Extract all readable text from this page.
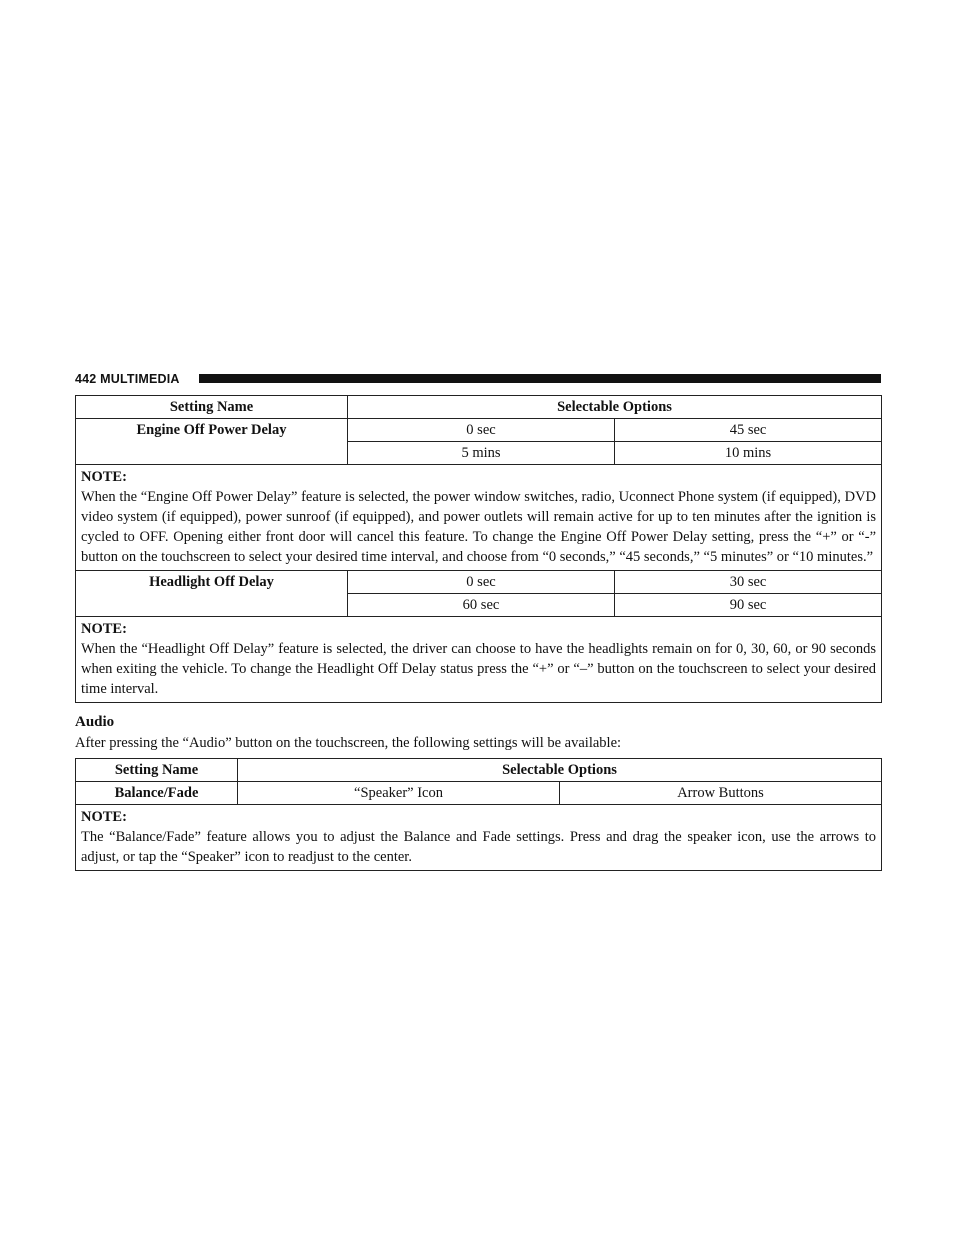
442 MULTIMEDIA
Setting Name	Selectable Options	
Engine Off Power Delay	0 sec	45 sec
	5 mins	10 mins

NOTE:
When the “Engine Off Power Delay” feature is selected, the power window switches, radio, Uconnect Phone system (if equipped), DVD video system (if equipped), power sunroof (if equipped), and power outlets will remain active for up to ten minutes after the ignition is cycled to OFF. Opening either front door will cancel this feature. To change the Engine Off Power Delay setting, press the “+” or “-” button on the touchscreen to select your desired time interval, and choose from “0 seconds,” “45 seconds,” “5 minutes” or “10 minutes.”		
Headlight Off Delay	0 sec	30 sec
	60 sec	90 sec

NOTE:
When the “Headlight Off Delay” feature is selected, the driver can choose to have the headlights remain on for 0, 30, 60, or 90 seconds when exiting the vehicle. To change the Headlight Off Delay status press the “+” or “–” button on the touchscreen to select your desired time interval.		
Audio
After pressing the “Audio” button on the touchscreen, the following settings will be available:
Setting Name	Selectable Options	
Balance/Fade	“Speaker” Icon	Arrow Buttons

NOTE:
The “Balance/Fade” feature allows you to adjust the Balance and Fade settings. Press and drag the speaker icon, use the arrows to adjust, or tap the “Speaker” icon to readjust to the center.		
